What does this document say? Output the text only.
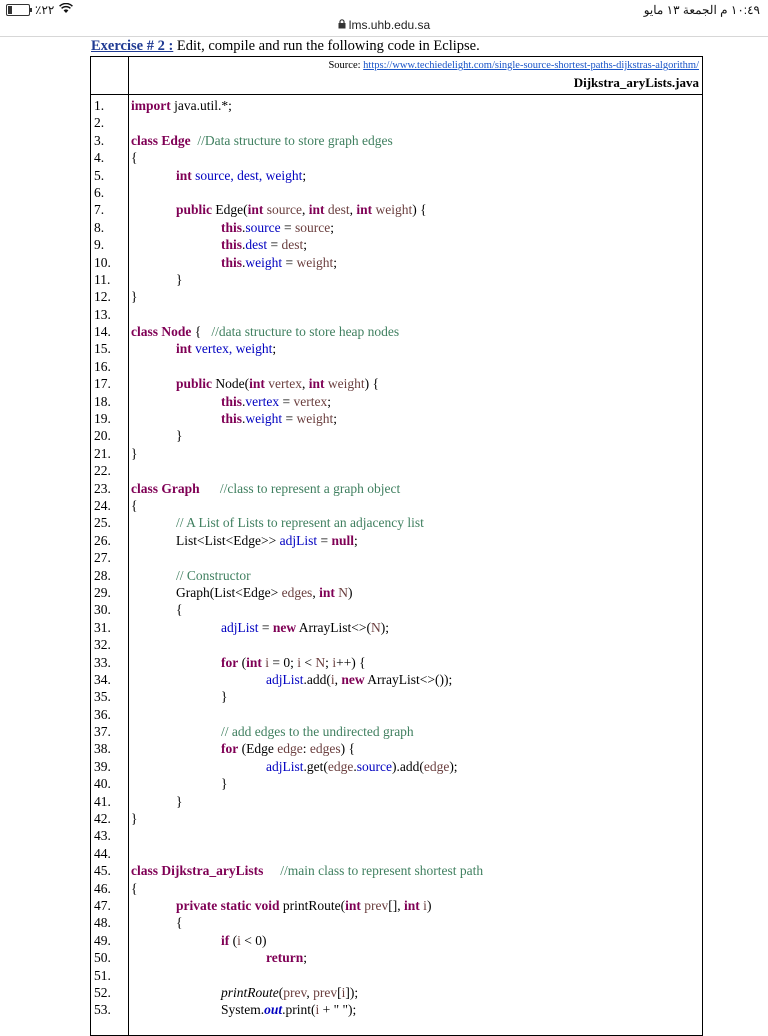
٪٢٢	١٠:٤٩ م الجمعة ١٣ مايو
lms.uhb.edu.sa
Exercise # 2 : Edit, compile and run the following code in Eclipse.
Source: https://www.techiedelight.com/single-source-shortest-paths-dijkstras-algorithm/
Dijkstra_aryLists.java
1.
2.
3.
4.
5.
6.
7.
8.
9.
10.
11.
12.
13.
14.
15.
16.
17.
18.
19.
20.
21.
22.
23.
24.
25.
26.
27.
28.
29.
30.
31.
32.
33.
34.
35.
36.
37.
38.
39.
40.
41.
42.
43.
44.
45.
46.
47.
48.
49.
50.
51.
52.
53.
import java.util.*;
class Edge  //Data structure to store graph edges
{
int source, dest, weight;
public Edge(int source, int dest, int weight) {
this.source = source;
this.dest = dest;
this.weight = weight;
}
}
class Node {   //data structure to store heap nodes
int vertex, weight;
public Node(int vertex, int weight) {
this.vertex = vertex;
this.weight = weight;
}
}
class Graph      //class to represent a graph object
{
// A List of Lists to represent an adjacency list
List<List<Edge>> adjList = null;
// Constructor
Graph(List<Edge> edges, int N)
{
adjList = new ArrayList<>(N);
for (int i = 0; i < N; i++) {
adjList.add(i, new ArrayList<>());
}
// add edges to the undirected graph
for (Edge edge: edges) {
adjList.get(edge.source).add(edge);
}
}
}
class Dijkstra_aryLists     //main class to represent shortest path
{
private static void printRoute(int prev[], int i)
{
if (i < 0)
return;
printRoute(prev, prev[i]);
System.out.print(i + " ");
